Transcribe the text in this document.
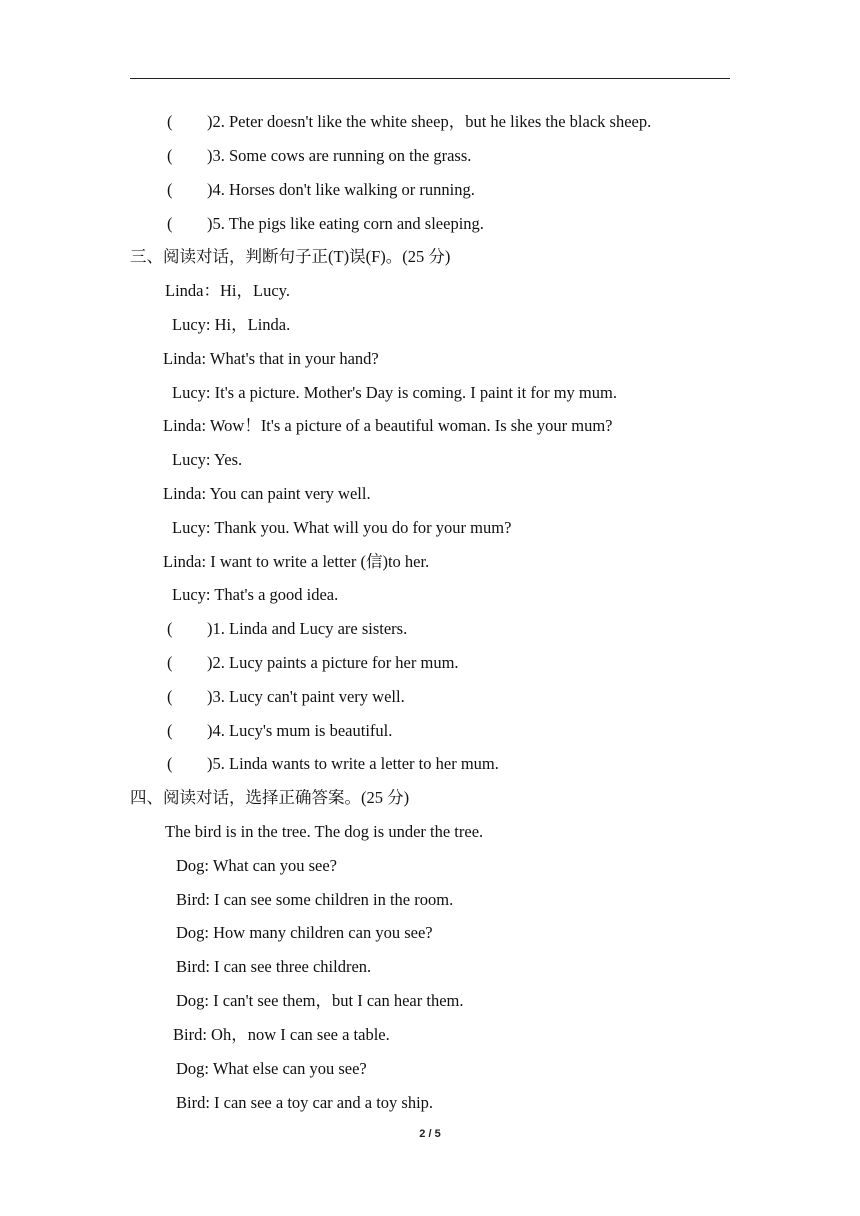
( )2. Peter doesn't like the white sheep，but he likes the black sheep.
( )3. Some cows are running on the grass.
( )4. Horses don't like walking or running.
( )5. The pigs like eating corn and sleeping.
三、阅读对话，判断句子正(T)误(F)。(25 分)
Linda：Hi，Lucy.
Lucy: Hi，Linda.
Linda: What's that in your hand?
Lucy: It's a picture. Mother's Day is coming. I paint it for my mum.
Linda: Wow！It's a picture of a beautiful woman. Is she your mum?
Lucy: Yes.
Linda: You can paint very well.
Lucy: Thank you. What will you do for your mum?
Linda: I want to write a letter (信)to her.
Lucy: That's a good idea.
( )1. Linda and Lucy are sisters.
( )2. Lucy paints a picture for her mum.
( )3. Lucy can't paint very well.
( )4. Lucy's mum is beautiful.
( )5. Linda wants to write a letter to her mum.
四、阅读对话，选择正确答案。(25 分)
The bird is in the tree. The dog is under the tree.
Dog: What can you see?
Bird: I can see some children in the room.
Dog: How many children can you see?
Bird: I can see three children.
Dog: I can't see them，but I can hear them.
Bird: Oh，now I can see a table.
Dog: What else can you see?
Bird: I can see a toy car and a toy ship.
2 / 5
